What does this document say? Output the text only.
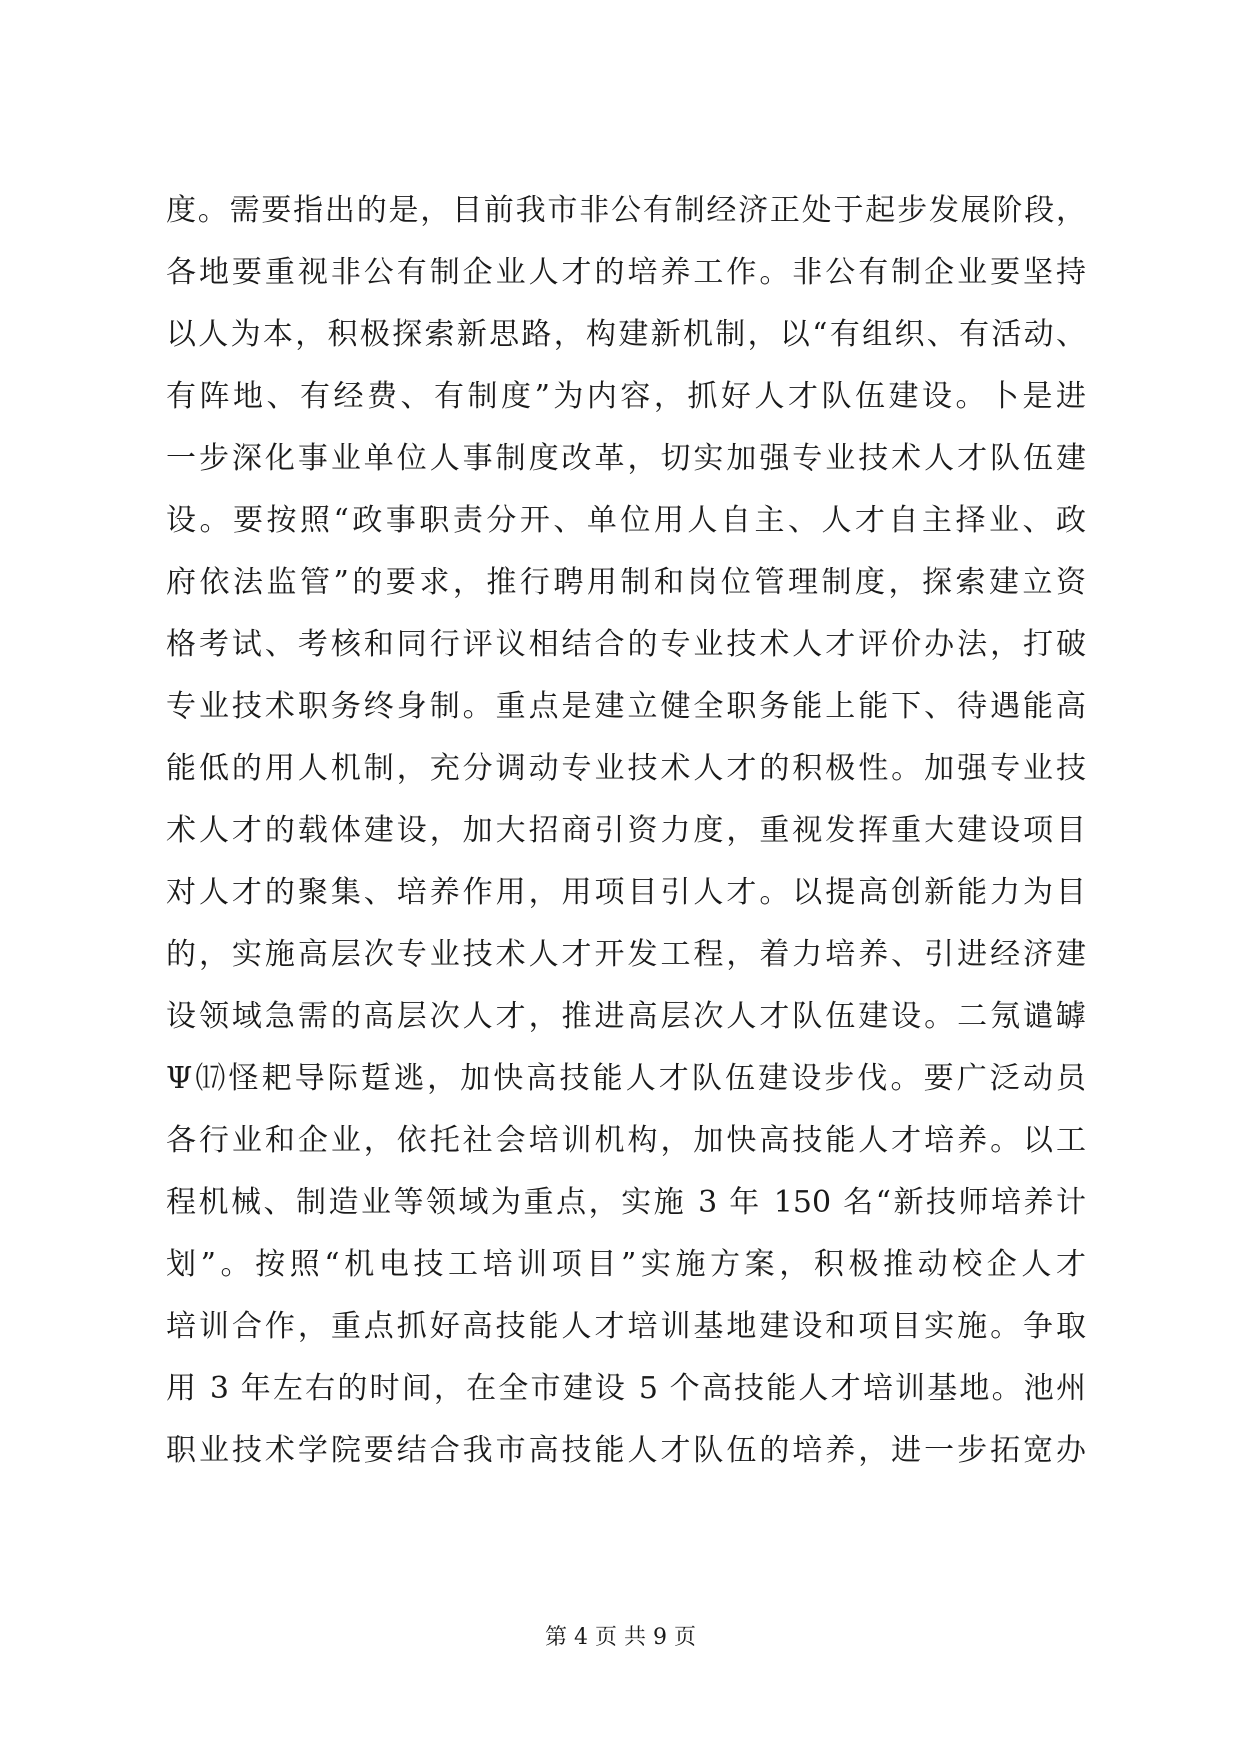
度。需要指出的是，目前我市非公有制经济正处于起步发展阶段，
各地要重视非公有制企业人才的培养工作。非公有制企业要坚持
以人为本，积极探索新思路，构建新机制，以“有组织、有活动、
有阵地、有经费、有制度”为内容，抓好人才队伍建设。卜是进
一步深化事业单位人事制度改革，切实加强专业技术人才队伍建
设。要按照“政事职责分开、单位用人自主、人才自主择业、政
府依法监管”的要求，推行聘用制和岗位管理制度，探索建立资
格考试、考核和同行评议相结合的专业技术人才评价办法，打破
专业技术职务终身制。重点是建立健全职务能上能下、待遇能高
能低的用人机制，充分调动专业技术人才的积极性。加强专业技
术人才的载体建设，加大招商引资力度，重视发挥重大建设项目
对人才的聚集、培养作用，用项目引人才。以提高创新能力为目
的，实施高层次专业技术人才开发工程，着力培养、引进经济建
设领域急需的高层次人才，推进高层次人才队伍建设。二氖谴罅
Ψ⒄怪耙导际踅逃，加快高技能人才队伍建设步伐。要广泛动员
各行业和企业，依托社会培训机构，加快高技能人才培养。以工
程机械、制造业等领域为重点，实施 3 年 150 名“新技师培养计
划”。按照“机电技工培训项目”实施方案，积极推动校企人才
培训合作，重点抓好高技能人才培训基地建设和项目实施。争取
用 3 年左右的时间，在全市建设 5 个高技能人才培训基地。池州
职业技术学院要结合我市高技能人才队伍的培养，进一步拓宽办
第 4 页 共 9 页
